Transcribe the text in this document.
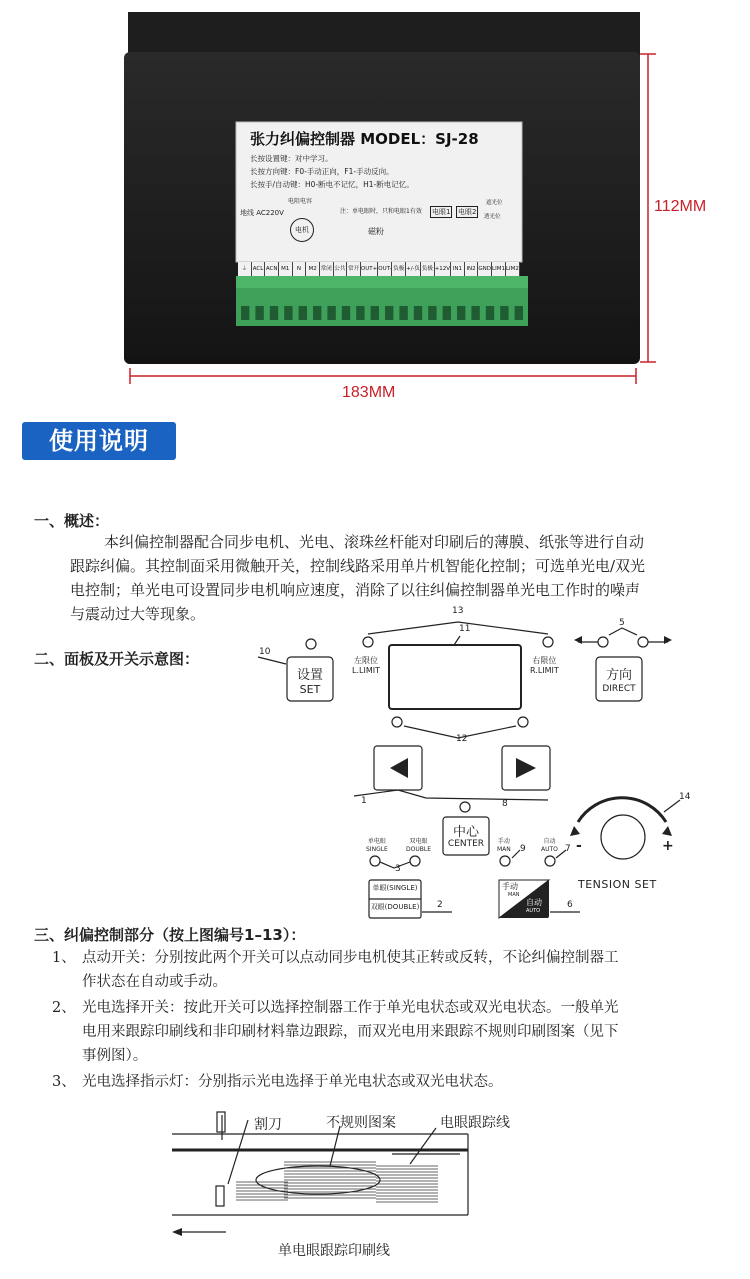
张力纠偏控制器 MODEL：SJ-28
长按设置键：对中学习。
长按方向键：F0-手动正向，F1-手动反向。
长按手/自动键：H0-断电不记忆，H1-断电记忆。
地线 AC220V
电阻电容
电机
注：单电眼时，只和电眼1有效
磁粉
电眼1 电眼2
遮光位
透光位
⏚	ACL ACN M1	N	M2 常闭 公共 常开 OUT+ OUT- 负极 +/-负 负极 +12V IN1 IN2 GND LIM1 LIM2
183MM
112MM
使用说明
一、概述：
本纠偏控制器配合同步电机、光电、滚珠丝杆能对印刷后的薄膜、纸张等进行自动
跟踪纠偏。其控制面采用微触开关，控制线路采用单片机智能化控制；可选单光电/双光
电控制；单光电可设置同步电机响应速度，消除了以往纠偏控制器单光电工作时的噪声
与震动过大等现象。
二、面板及开关示意图：	10
设置
SET
13
11
左限位
L.LIMIT
右限位
R.LIMIT
5
方向
DIRECT
12
1	8
中心
CENTER
14
单电眼
SINGLE
双电眼
DOUBLE
3
手动
MAN 9
自动
AUTO 7 -	+
单眼(SINGLE)
双眼(DOUBLE) 2
手动
MAN
自动
AUTO
6
TENSION SET
三、纠偏控制部分（按上图编号1–13）：
1、 点动开关：分别按此两个开关可以点动同步电机使其正转或反转，不论纠偏控制器工
作状态在自动或手动。
2、 光电选择开关：按此开关可以选择控制器工作于单光电状态或双光电状态。一般单光
电用来跟踪印刷线和非印刷材料靠边跟踪，而双光电用来跟踪不规则印刷图案（见下
事例图）。
3、 光电选择指示灯：分别指示光电选择于单光电状态或双光电状态。
割刀	不规则图案	电眼跟踪线
单电眼跟踪印刷线
